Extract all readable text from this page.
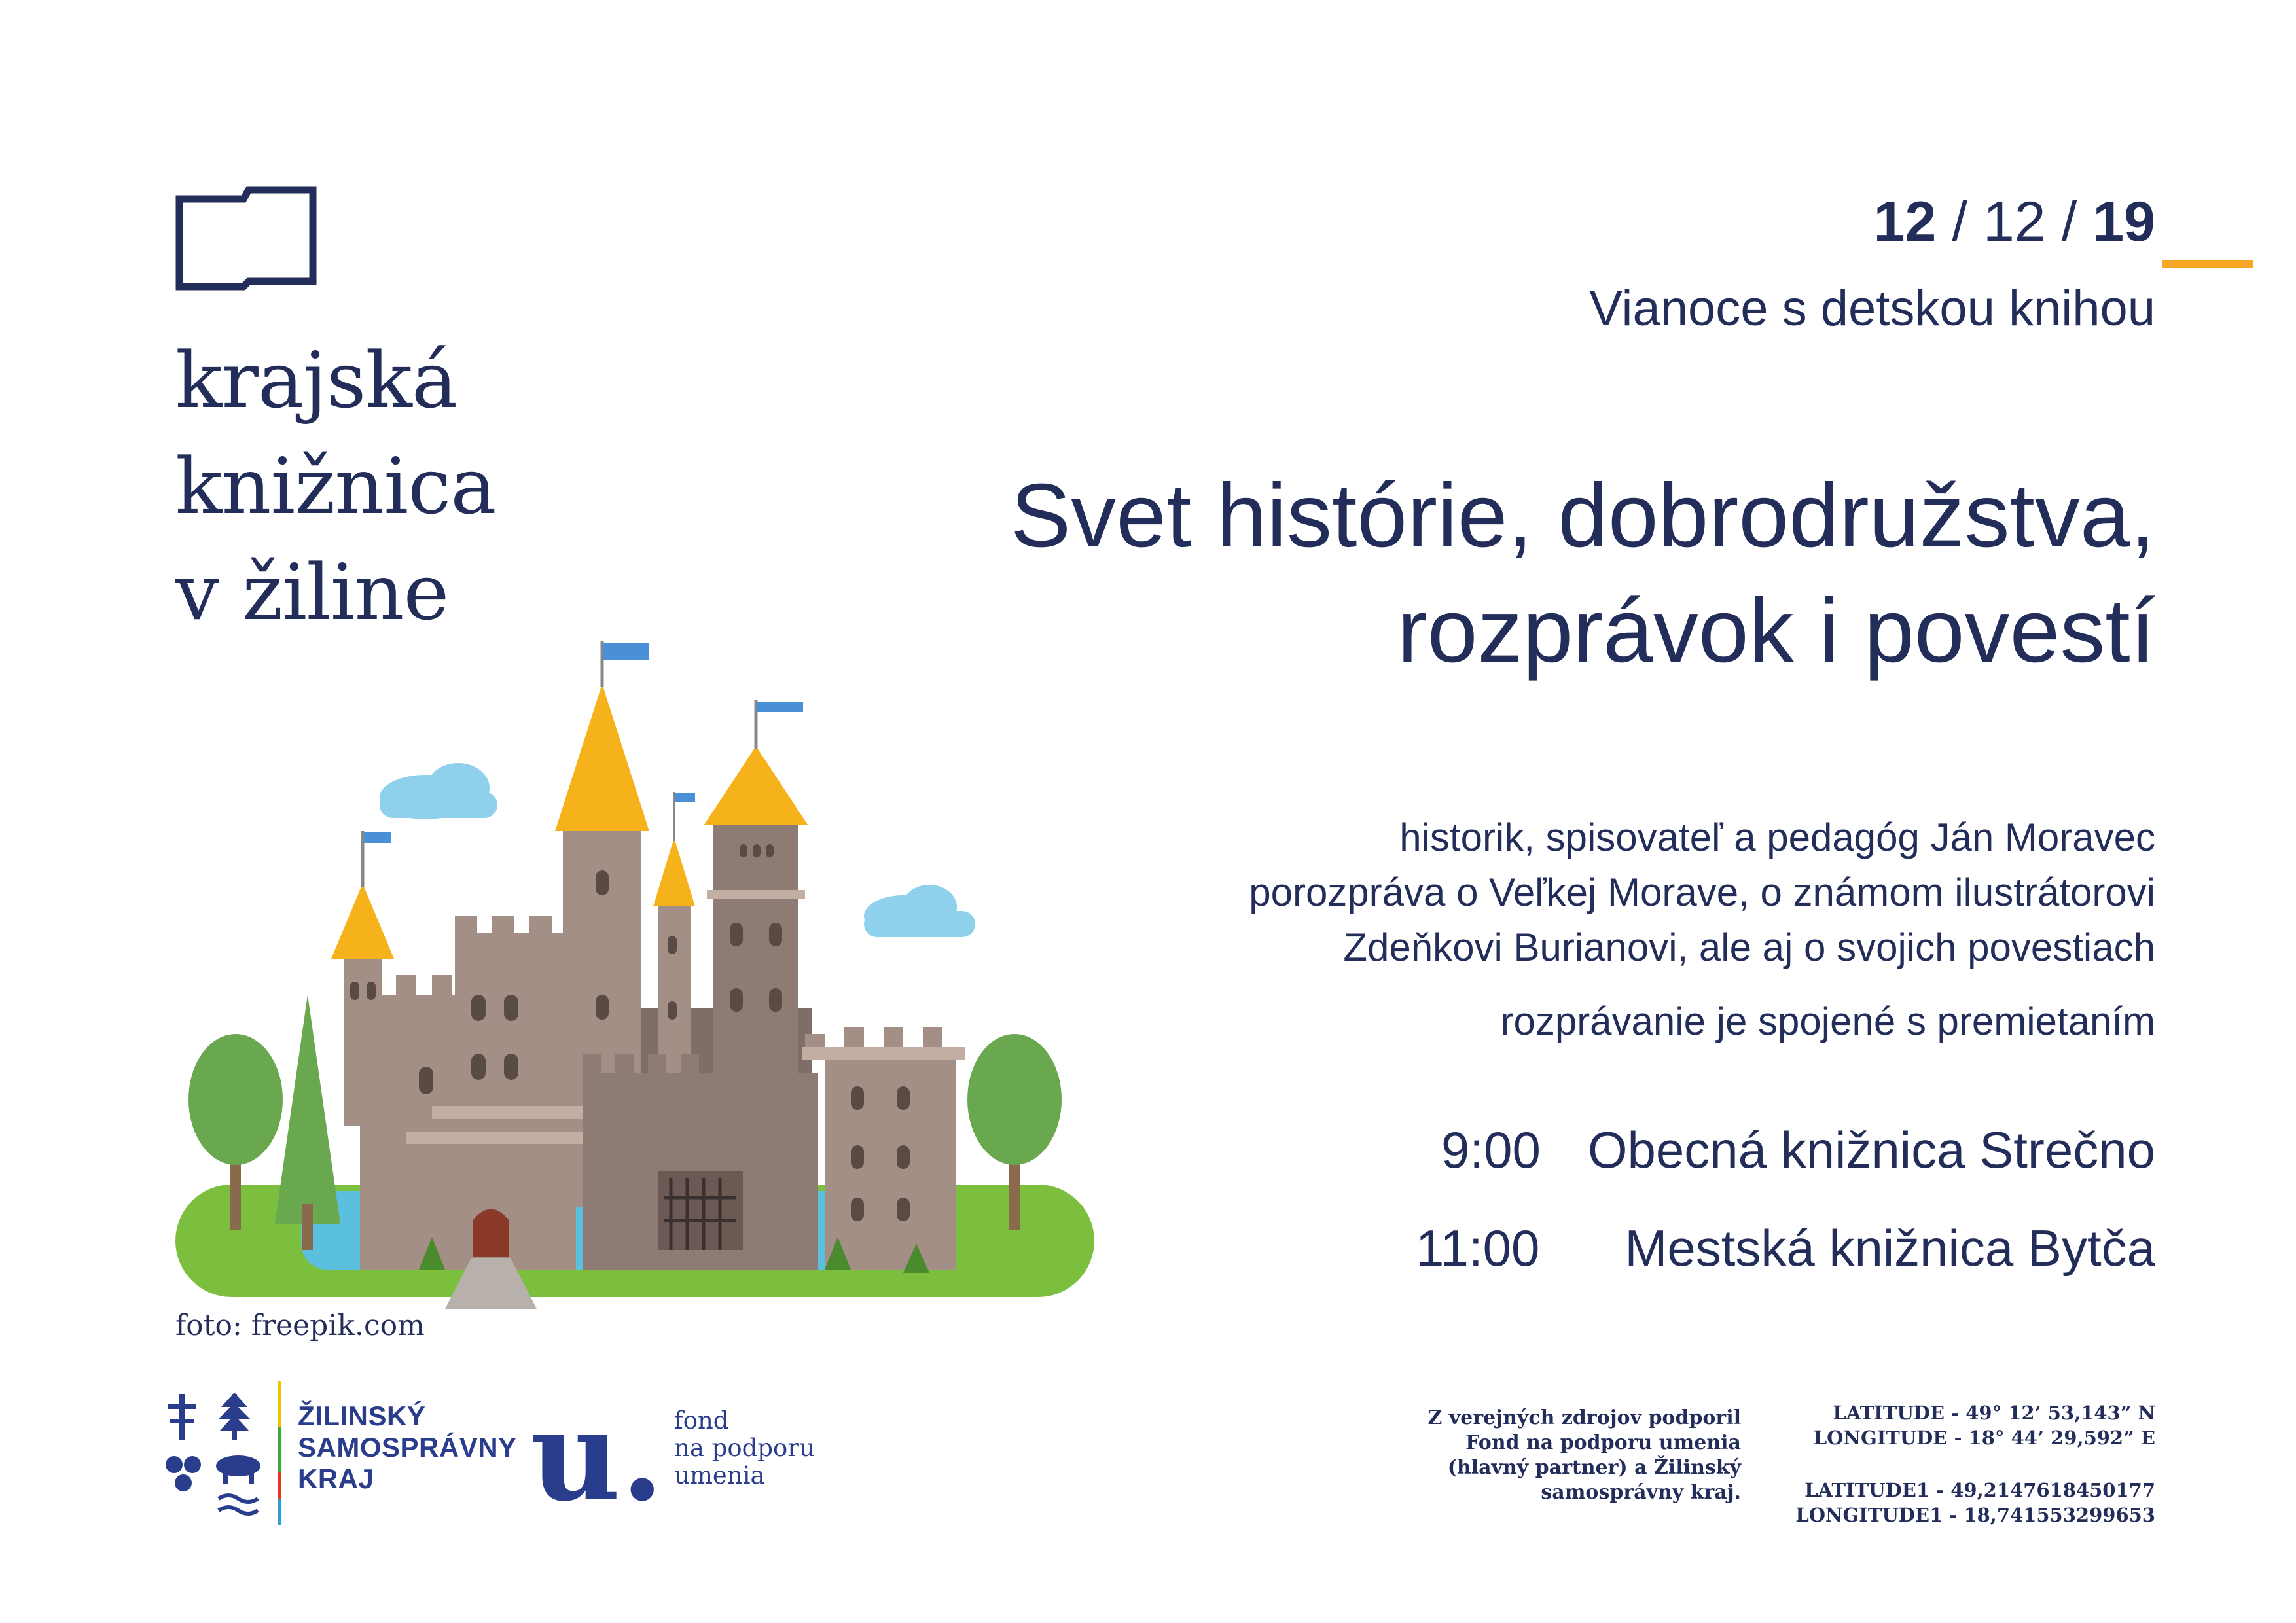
krajská
knižnica
v žiline
12 / 12 / 19
Vianoce s detskou knihou
Svet histórie, dobrodružstva,
rozprávok i povestí
historik, spisovateľ a pedagóg Ján Moravec
porozpráva o Veľkej Morave, o známom ilustrátorovi
Zdeňkovi Burianovi, ale aj o svojich povestiach
rozprávanie je spojené s premietaním
9:00 Obecná knižnica Strečno
11:00 Mestská knižnica Bytča
foto: freepik.com
ŽILINSKÝ
SAMOSPRÁVNY
KRAJ	u. fond
na podporu
umenia
Z verejných zdrojov podporil
Fond na podporu umenia
(hlavný partner) a Žilinský
samosprávny kraj.
LATITUDE - 49° 12’ 53,143” N
LONGITUDE - 18° 44’ 29,592” E
LATITUDE1 - 49,2147618450177
LONGITUDE1 - 18,741553299653
